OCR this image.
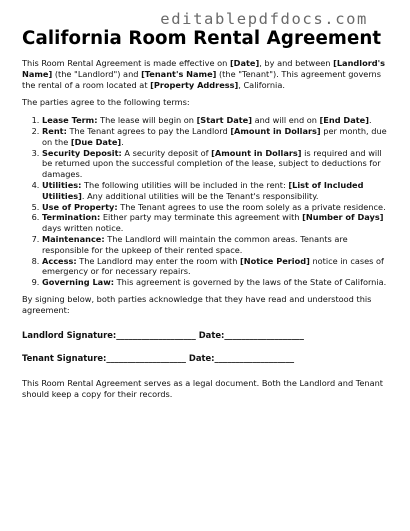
editablepdfdocs.com
California Room Rental Agreement

This Room Rental Agreement is made effective on [Date], by and between [Landlord's Name] (the "Landlord") and [Tenant's Name] (the "Tenant"). This agreement governs the rental of a room located at [Property Address], California.

The parties agree to the following terms:

1. Lease Term: The lease will begin on [Start Date] and will end on [End Date].
2. Rent: The Tenant agrees to pay the Landlord [Amount in Dollars] per month, due on the [Due Date].
3. Security Deposit: A security deposit of [Amount in Dollars] is required and will be returned upon the successful completion of the lease, subject to deductions for damages.
4. Utilities: The following utilities will be included in the rent: [List of Included Utilities]. Any additional utilities will be the Tenant's responsibility.
5. Use of Property: The Tenant agrees to use the room solely as a private residence.
6. Termination: Either party may terminate this agreement with [Number of Days] days written notice.
7. Maintenance: The Landlord will maintain the common areas. Tenants are responsible for the upkeep of their rented space.
8. Access: The Landlord may enter the room with [Notice Period] notice in cases of emergency or for necessary repairs.
9. Governing Law: This agreement is governed by the laws of the State of California.

By signing below, both parties acknowledge that they have read and understood this agreement:

Landlord Signature:___________________ Date:___________________

Tenant Signature:___________________ Date:___________________

This Room Rental Agreement serves as a legal document. Both the Landlord and Tenant should keep a copy for their records.
